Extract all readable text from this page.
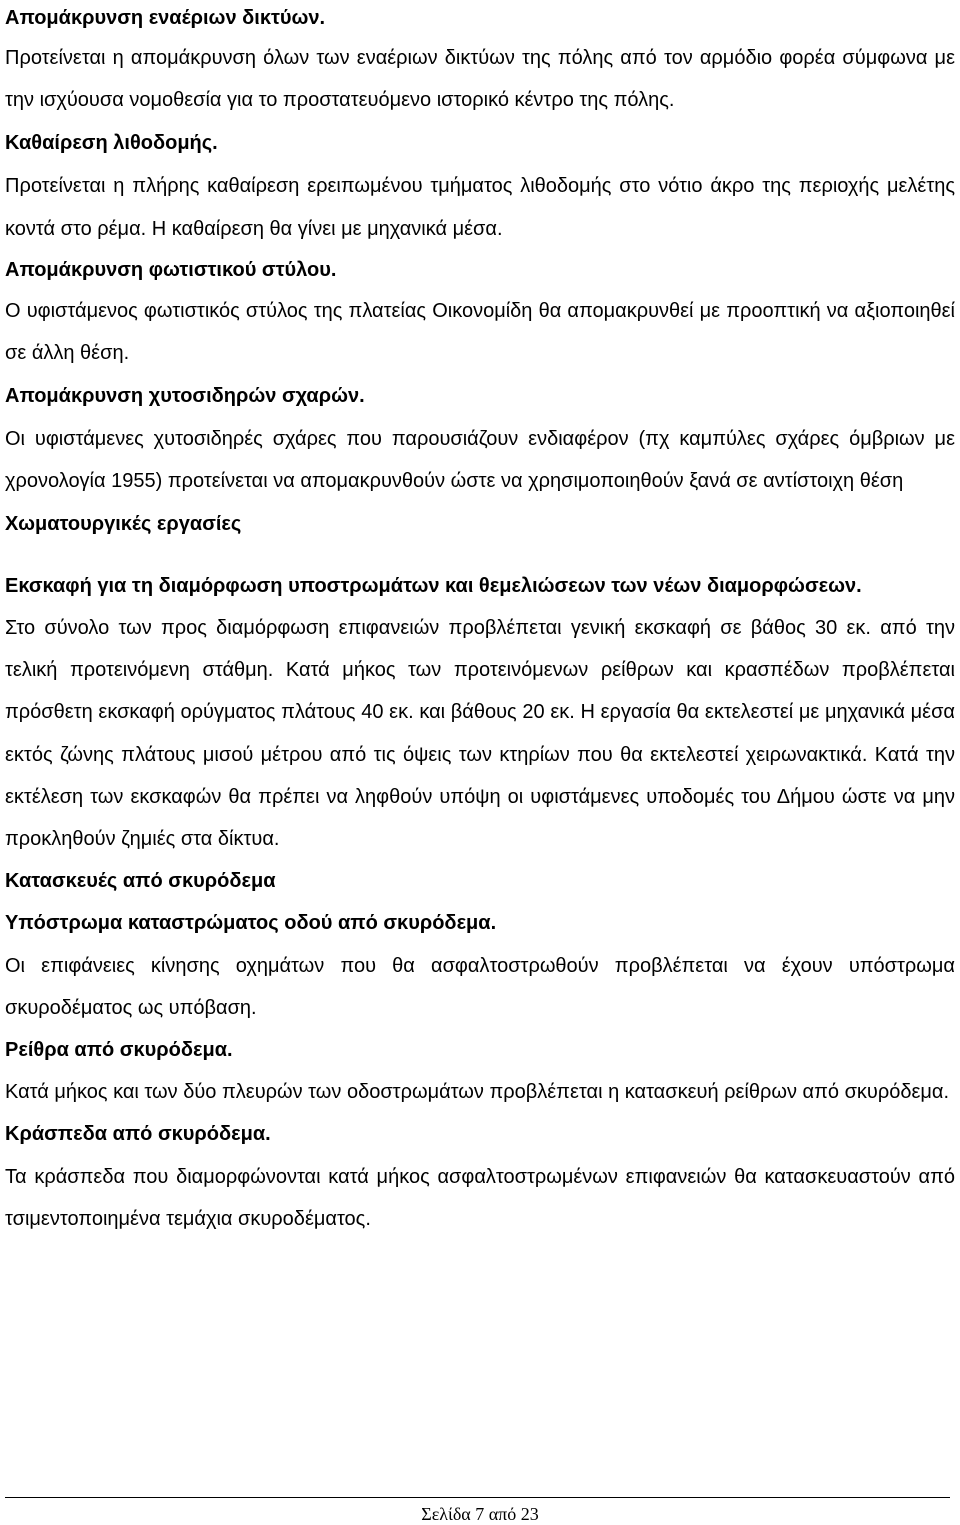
Απομάκρυνση εναέριων δικτύων.

Προτείνεται η απομάκρυνση όλων των εναέριων δικτύων της πόλης από τον αρμόδιο φορέα σύμφωνα με την ισχύουσα νομοθεσία για το προστατευόμενο ιστορικό κέντρο της πόλης.

Καθαίρεση λιθοδομής.

Προτείνεται η πλήρης καθαίρεση ερειπωμένου τμήματος λιθοδομής στο νότιο άκρο της περιοχής μελέτης κοντά στο ρέμα. Η καθαίρεση θα γίνει με μηχανικά μέσα.

Απομάκρυνση φωτιστικού στύλου.

Ο υφιστάμενος φωτιστικός στύλος της πλατείας Οικονομίδη θα απομακρυνθεί με προοπτική να αξιοποιηθεί σε άλλη θέση.

Απομάκρυνση χυτοσιδηρών σχαρών.

Οι υφιστάμενες χυτοσιδηρές σχάρες που παρουσιάζουν ενδιαφέρον (πχ καμπύλες σχάρες όμβριων με χρονολογία 1955) προτείνεται να απομακρυνθούν ώστε να χρησιμοποιηθούν ξανά σε αντίστοιχη θέση

Χωματουργικές εργασίες

Εκσκαφή για τη διαμόρφωση υποστρωμάτων και θεμελιώσεων των νέων διαμορφώσεων.

Στο σύνολο των προς διαμόρφωση επιφανειών προβλέπεται γενική εκσκαφή σε βάθος 30 εκ. από την τελική προτεινόμενη στάθμη. Κατά μήκος των προτεινόμενων ρείθρων και κρασπέδων προβλέπεται πρόσθετη εκσκαφή ορύγματος πλάτους 40 εκ. και βάθους 20 εκ. Η εργασία θα εκτελεστεί με μηχανικά μέσα εκτός ζώνης πλάτους μισού μέτρου από τις όψεις των κτηρίων που θα εκτελεστεί χειρωνακτικά. Κατά την εκτέλεση των εκσκαφών θα πρέπει να ληφθούν υπόψη οι υφιστάμενες υποδομές του Δήμου ώστε να μην προκληθούν ζημιές στα δίκτυα.

Κατασκευές από σκυρόδεμα

Υπόστρωμα καταστρώματος οδού από σκυρόδεμα.

Οι επιφάνειες κίνησης οχημάτων που θα ασφαλτοστρωθούν προβλέπεται να έχουν υπόστρωμα σκυροδέματος ως υπόβαση.

Ρείθρα από σκυρόδεμα.

Κατά μήκος και των δύο πλευρών των οδοστρωμάτων προβλέπεται η κατασκευή ρείθρων από σκυρόδεμα.

Κράσπεδα από σκυρόδεμα.

Τα κράσπεδα που διαμορφώνονται κατά μήκος ασφαλτοστρωμένων επιφανειών θα κατασκευαστούν από τσιμεντοποιημένα τεμάχια σκυροδέματος.

Σελίδα 7 από 23
